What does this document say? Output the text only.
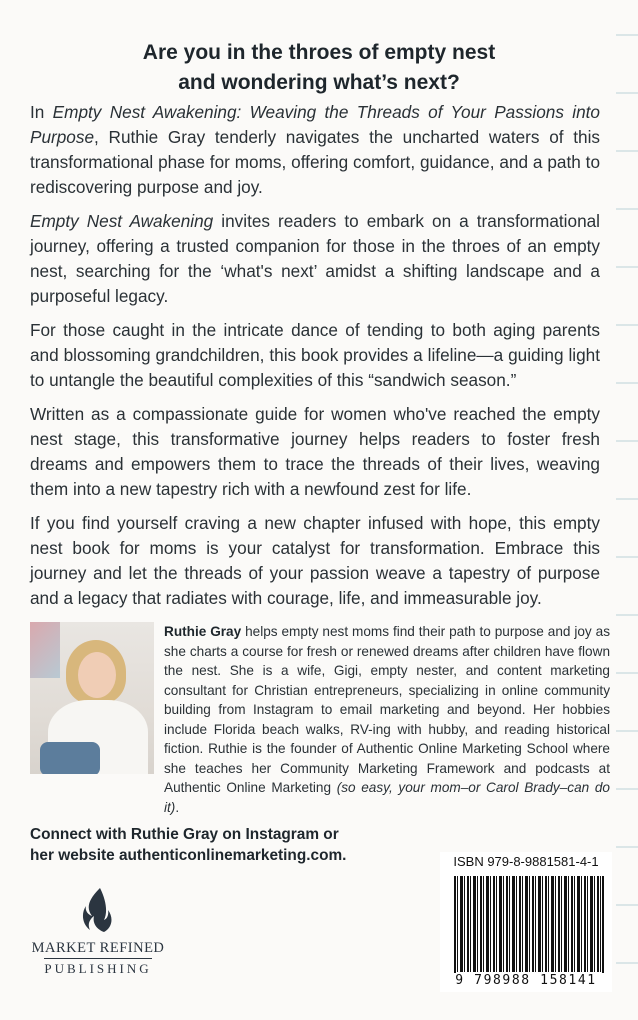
Are you in the throes of empty nest
and wondering what’s next?

In Empty Nest Awakening: Weaving the Threads of Your Passions into Purpose, Ruthie Gray tenderly navigates the uncharted waters of this transformational phase for moms, offering comfort, guidance, and a path to rediscovering purpose and joy.

Empty Nest Awakening invites readers to embark on a transformational journey, offering a trusted companion for those in the throes of an empty nest, searching for the ‘what's next’ amidst a shifting landscape and a purposeful legacy.

For those caught in the intricate dance of tending to both aging parents and blossoming grandchildren, this book provides a lifeline—a guiding light to untangle the beautiful complexities of this “sandwich season.”

Written as a compassionate guide for women who've reached the empty nest stage, this transformative journey helps readers to foster fresh dreams and empowers them to trace the threads of their lives, weaving them into a new tapestry rich with a newfound zest for life.

If you find yourself craving a new chapter infused with hope, this empty nest book for moms is your catalyst for transformation. Embrace this journey and let the threads of your passion weave a tapestry of purpose and a legacy that radiates with courage, life, and immeasurable joy.

Ruthie Gray helps empty nest moms find their path to purpose and joy as she charts a course for fresh or renewed dreams after children have flown the nest. She is a wife, Gigi, empty nester, and content marketing consultant for Christian entrepreneurs, specializing in online community building from Instagram to email marketing and beyond. Her hobbies include Florida beach walks, RV-ing with hubby, and reading historical fiction. Ruthie is the founder of Authentic Online Marketing School where she teaches her Community Marketing Framework and podcasts at Authentic Online Marketing (so easy, your mom–or Carol Brady–can do it).
Connect with Ruthie Gray on Instagram or
her website authenticonlinemarketing.com.
MARKET REFINED
PUBLISHING
ISBN 979-8-9881581-4-1
9 798988 158141
